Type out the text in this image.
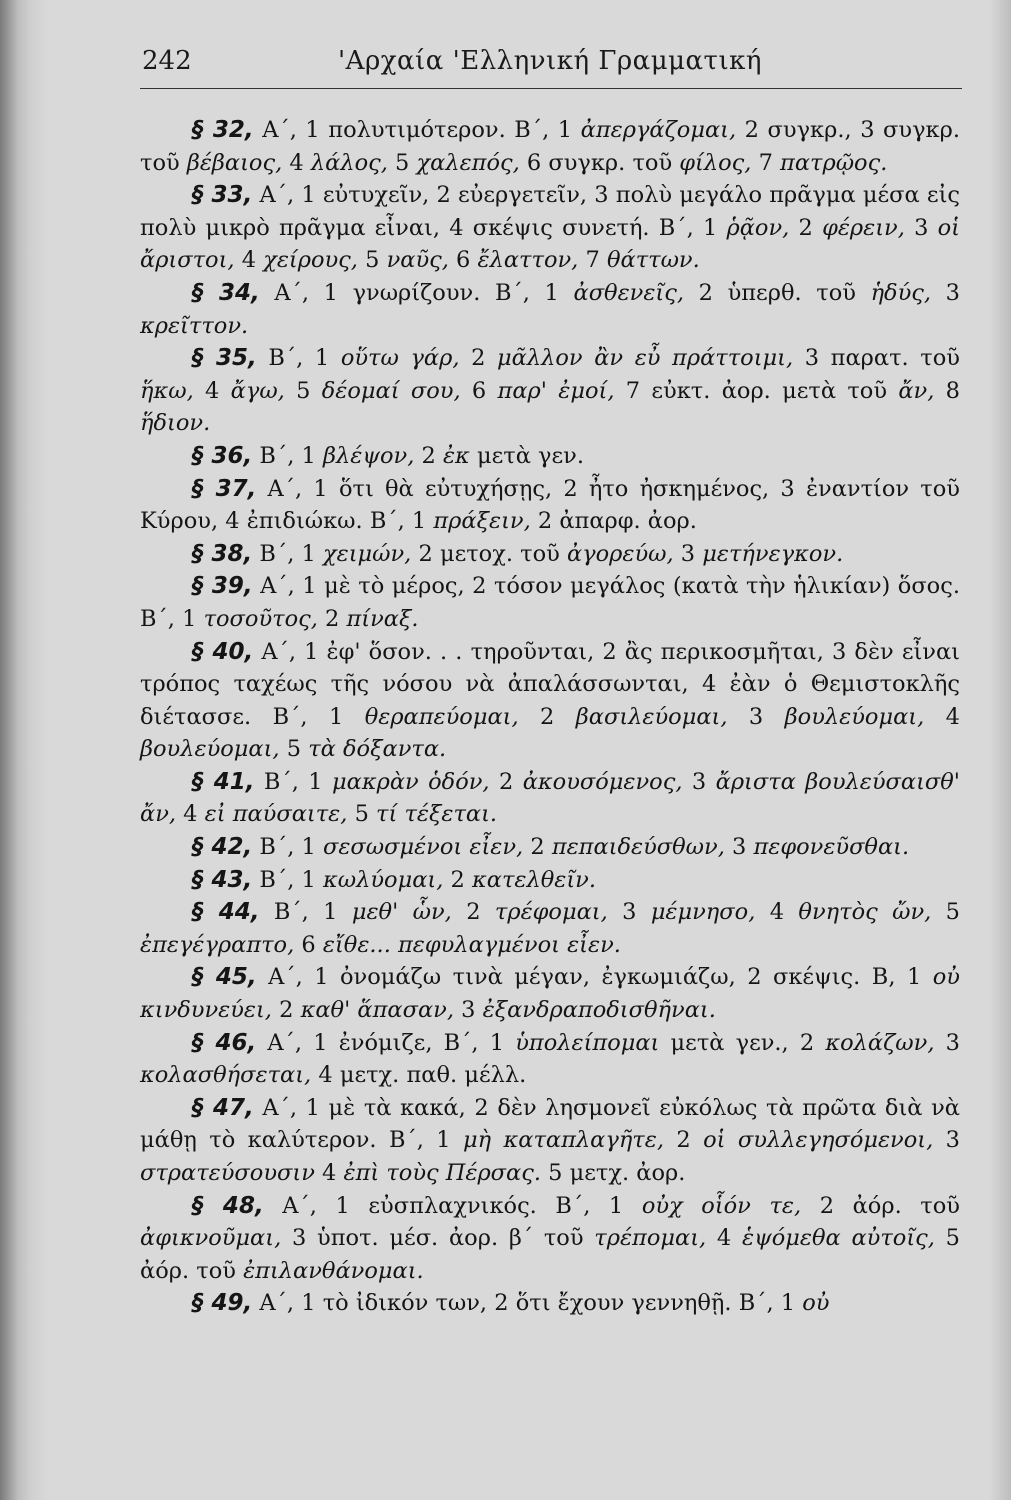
242	'Αρχαία 'Ελληνική Γραμματική

§ 32, Α΄, 1 πολυτιμότερον. Β΄, 1 ἀπεργάζομαι, 2 συγκρ., 3 συγκρ. τοῦ βέβαιος, 4 λάλος, 5 χαλεπός, 6 συγκρ. τοῦ φίλος, 7 πατρῷος.

§ 33, Α΄, 1 εὐτυχεῖν, 2 εὐεργετεῖν, 3 πολὺ μεγάλο πρᾶγμα μέσα εἰς πολὺ μικρὸ πρᾶγμα εἶναι, 4 σκέψις συνετή. Β΄, 1 ῥᾷον, 2 φέρειν, 3 οἱ ἄριστοι, 4 χείρους, 5 ναῦς, 6 ἔλαττον, 7 θάττων.

§ 34, Α΄, 1 γνωρίζουν. Β΄, 1 ἀσθενεῖς, 2 ὑπερθ. τοῦ ἡδύς, 3 κρεῖττον.

§ 35, Β΄, 1 οὕτω γάρ, 2 μᾶλλον ἂν εὖ πράττοιμι, 3 παρατ. τοῦ ἥκω, 4 ἄγω, 5 δέομαί σου, 6 παρ' ἐμοί, 7 εὐκτ. ἀορ. μετὰ τοῦ ἄν, 8 ἥδιον.

§ 36, Β΄, 1 βλέψον, 2 ἐκ μετὰ γεν.

§ 37, Α΄, 1 ὅτι θὰ εὐτυχήσῃς, 2 ἦτο ἠσκημένος, 3 ἐναντίον τοῦ Κύρου, 4 ἐπιδιώκω. Β΄, 1 πράξειν, 2 ἀπαρφ. ἀορ.

§ 38, Β΄, 1 χειμών, 2 μετοχ. τοῦ ἀγορεύω, 3 μετήνεγκον.

§ 39, Α΄, 1 μὲ τὸ μέρος, 2 τόσον μεγάλος (κατὰ τὴν ἡλικίαν) ὅσος. Β΄, 1 τοσοῦτος, 2 πίναξ.

§ 40, Α΄, 1 ἐφ' ὅσον. . . τηροῦνται, 2 ἂς περικοσμῆται, 3 δὲν εἶναι τρόπος ταχέως τῆς νόσου νὰ ἀπαλάσσωνται, 4 ἐὰν ὁ Θεμιστοκλῆς διέτασσε. Β΄, 1 θεραπεύομαι, 2 βασιλεύομαι, 3 βουλεύομαι, 4 βουλεύομαι, 5 τὰ δόξαντα.

§ 41, Β΄, 1 μακρὰν ὁδόν, 2 ἀκουσόμενος, 3 ἄριστα βουλεύσαισθ' ἄν, 4 εἰ παύσαιτε, 5 τί τέξεται.

§ 42, Β΄, 1 σεσωσμένοι εἶεν, 2 πεπαιδεύσθων, 3 πεφονεῦσθαι.

§ 43, Β΄, 1 κωλύομαι, 2 κατελθεῖν.

§ 44, Β΄, 1 μεθ' ὧν, 2 τρέφομαι, 3 μέμνησο, 4 θνητὸς ὤν, 5 ἐπεγέγραπτο, 6 εἴθε... πεφυλαγμένοι εἶεν.

§ 45, Α΄, 1 ὀνομάζω τινὰ μέγαν, ἐγκωμιάζω, 2 σκέψις. Β, 1 οὐ κινδυνεύει, 2 καθ' ἅπασαν, 3 ἐξανδραποδισθῆναι.

§ 46, Α΄, 1 ἐνόμιζε, Β΄, 1 ὑπολείπομαι μετὰ γεν., 2 κολάζων, 3 κολασθήσεται, 4 μετχ. παθ. μέλλ.

§ 47, Α΄, 1 μὲ τὰ κακά, 2 δὲν λησμονεῖ εὐκόλως τὰ πρῶτα διὰ νὰ μάθῃ τὸ καλύτερον. Β΄, 1 μὴ καταπλαγῆτε, 2 οἱ συλλεγησόμενοι, 3 στρατεύσουσιν 4 ἐπὶ τοὺς Πέρσας. 5 μετχ. ἀορ.

§ 48, Α΄, 1 εὐσπλαχνικός. Β΄, 1 οὐχ οἷόν τε, 2 ἀόρ. τοῦ ἀφικνοῦμαι, 3 ὑποτ. μέσ. ἀορ. β΄ τοῦ τρέπομαι, 4 ἑψόμεθα αὐτοῖς, 5 ἀόρ. τοῦ ἐπιλανθάνομαι.

§ 49, Α΄, 1 τὸ ἰδικόν των, 2 ὅτι ἔχουν γεννηθῇ. Β΄, 1 οὐ
